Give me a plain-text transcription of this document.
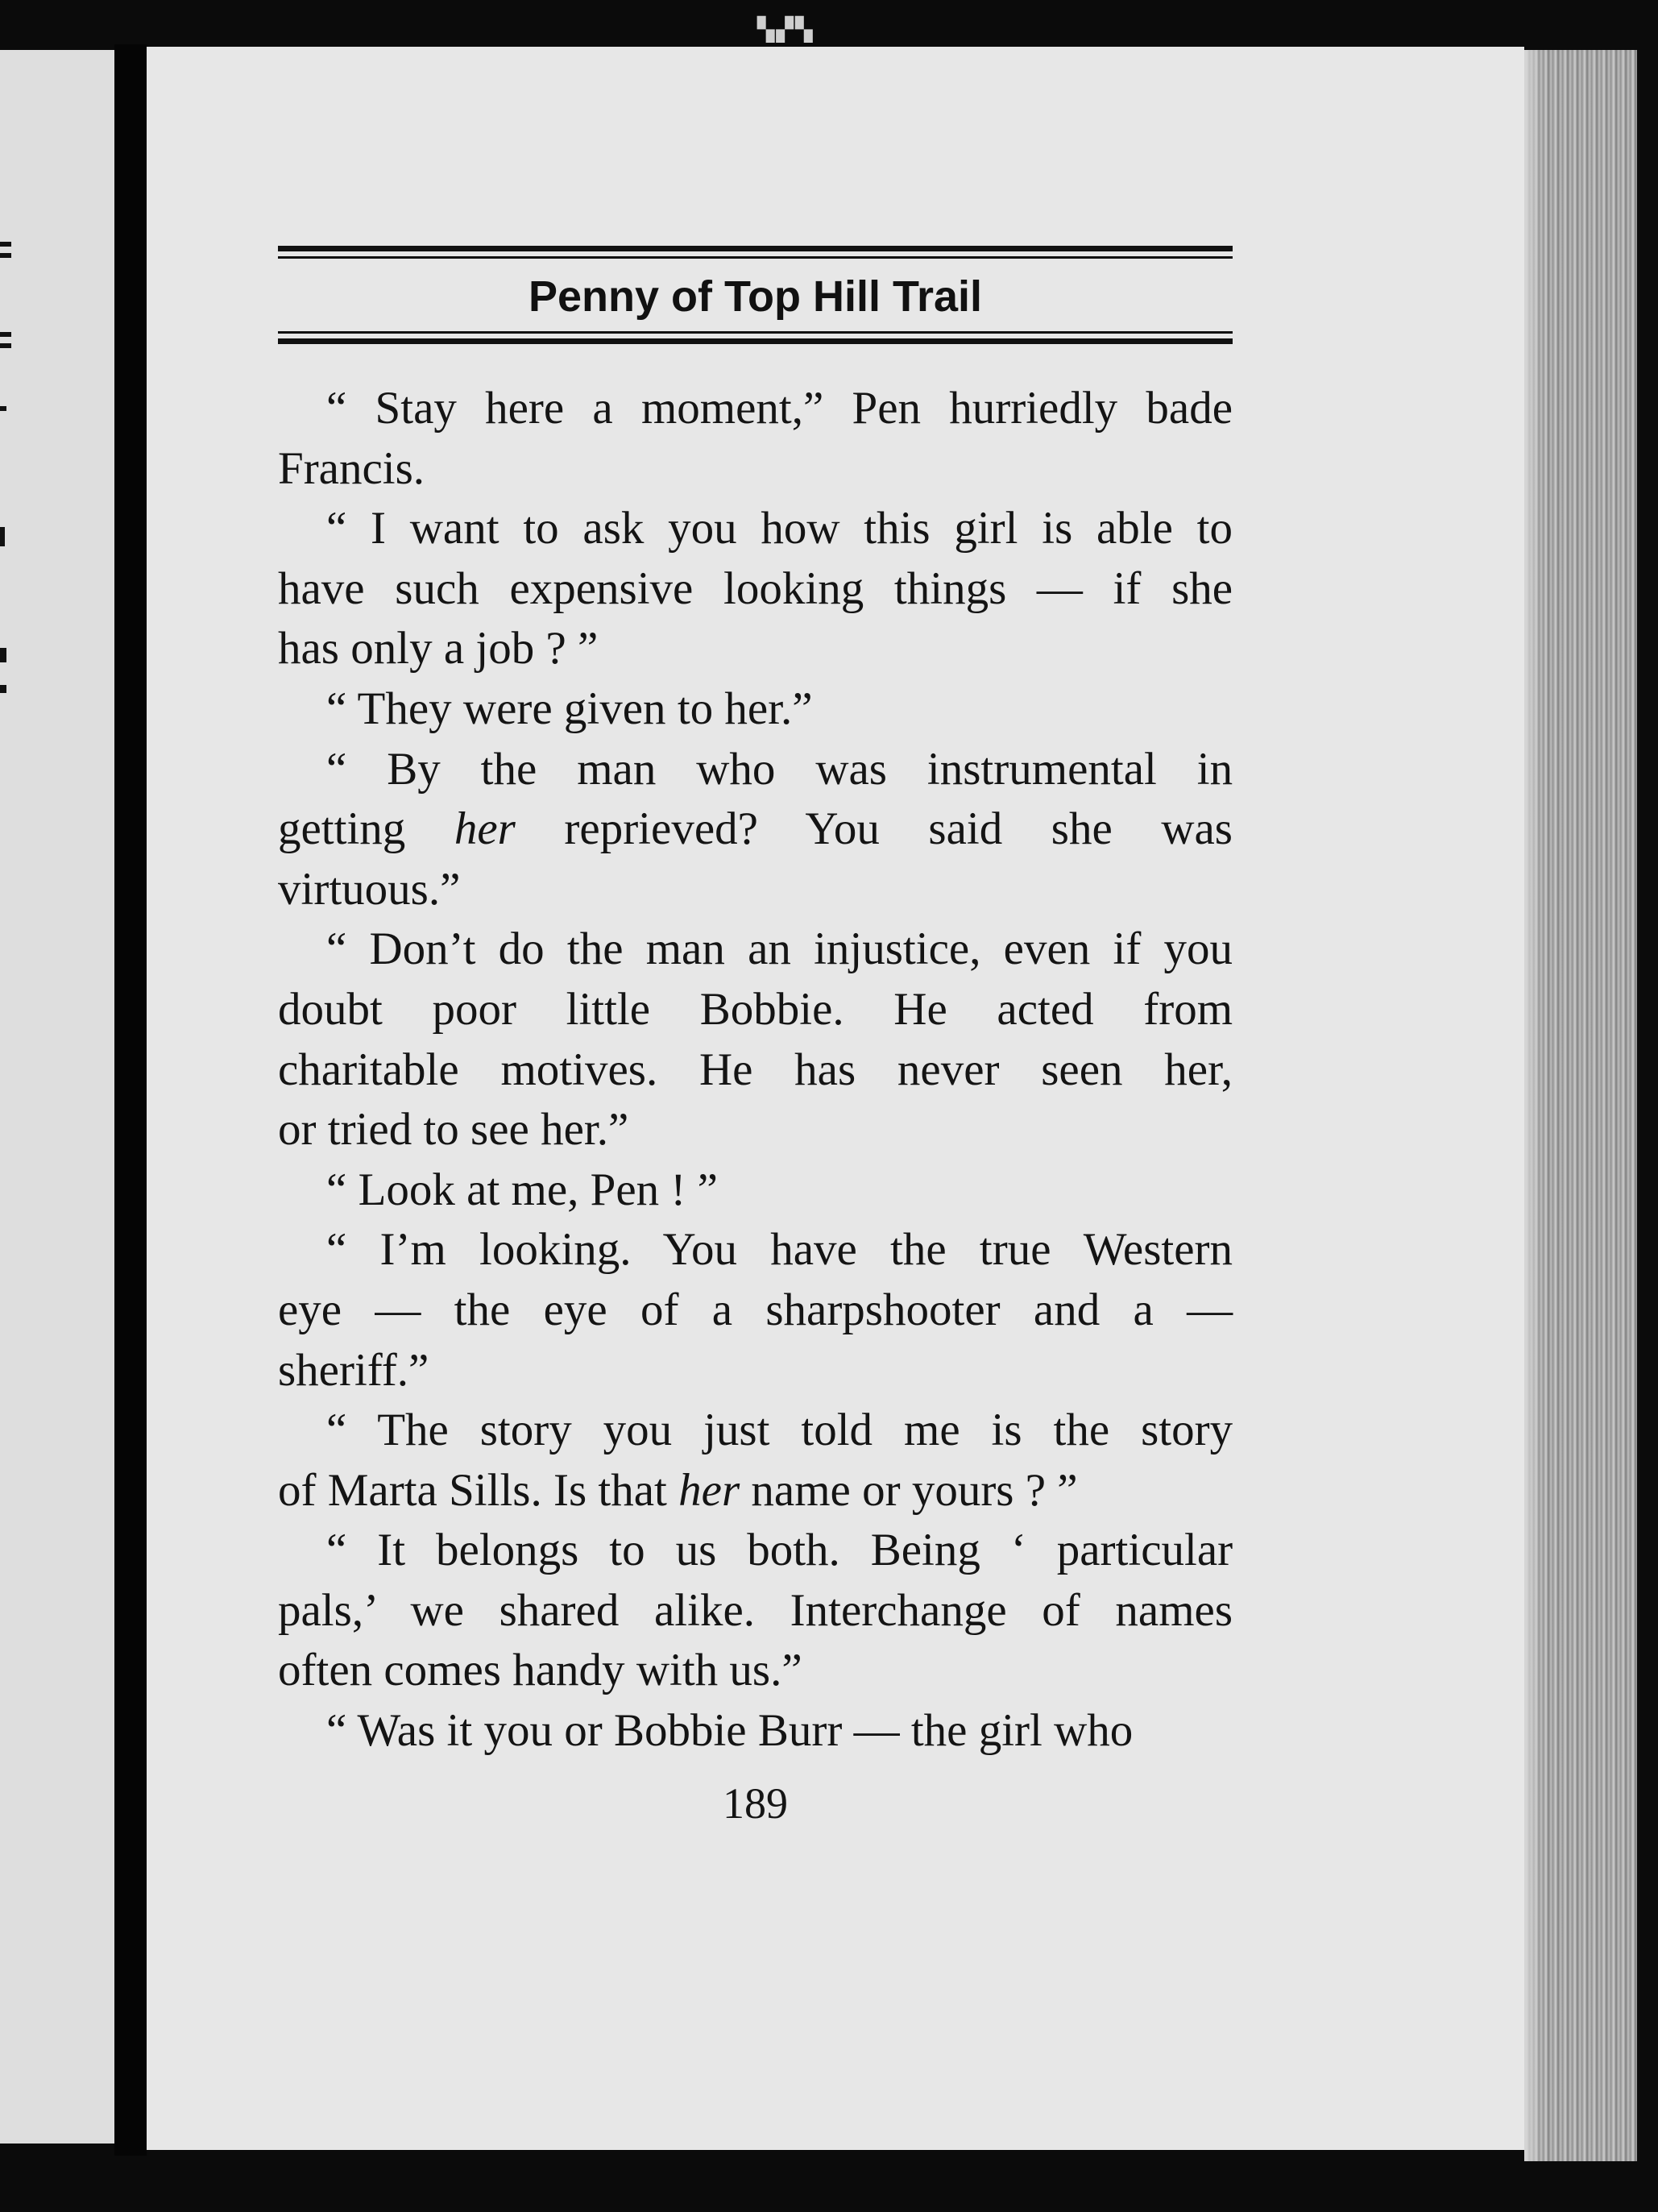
▚▞▚
Penny of Top Hill Trail
“ Stay here a moment,” Pen hurriedly bade
Francis.
“ I want to ask you how this girl is able to
have such expensive looking things — if she
has only a job ? ”
“ They were given to her.”
“ By the man who was instrumental in
getting her reprieved? You said she was
virtuous.”
“ Don’t do the man an injustice, even if you
doubt poor little Bobbie. He acted from
charitable motives. He has never seen her,
or tried to see her.”
“ Look at me, Pen ! ”
“ I’m looking. You have the true Western
eye — the eye of a sharpshooter and a —
sheriff.”
“ The story you just told me is the story
of Marta Sills. Is that her name or yours ? ”
“ It belongs to us both. Being ‘ particular
pals,’ we shared alike. Interchange of names
often comes handy with us.”
“ Was it you or Bobbie Burr — the girl who
189
